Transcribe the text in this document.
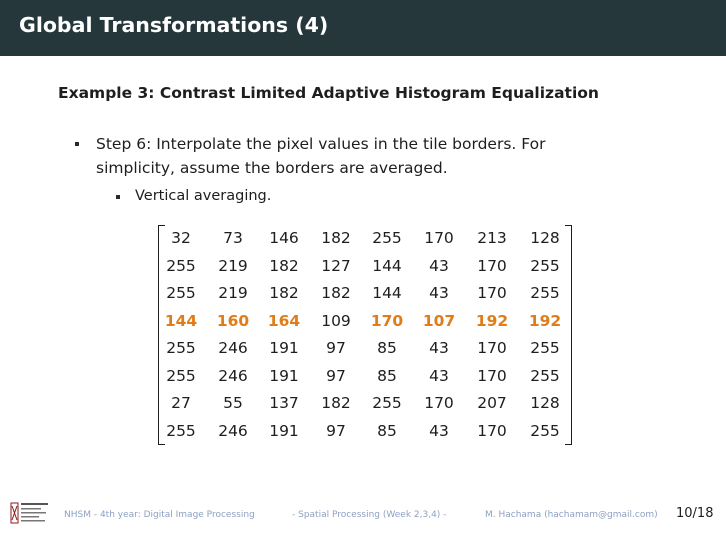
Global Transformations (4)
Example 3: Contrast Limited Adaptive Histogram Equalization
Step 6: Interpolate the pixel values in the tile borders. For simplicity, assume the borders are averaged.
Vertical averaging.
32	73	146	182	255	170	213	128
255	219	182	127	144	43	170	255
255	219	182	182	144	43	170	255
144	160	164	109	170	107	192	192
255	246	191	97	85	43	170	255
255	246	191	97	85	43	170	255
27	55	137	182	255	170	207	128
255	246	191	97	85	43	170	255
NHSM - 4th year: Digital Image Processing	- Spatial Processing (Week 2,3,4) -	M. Hachama (hachamam@gmail.com) 10/18
